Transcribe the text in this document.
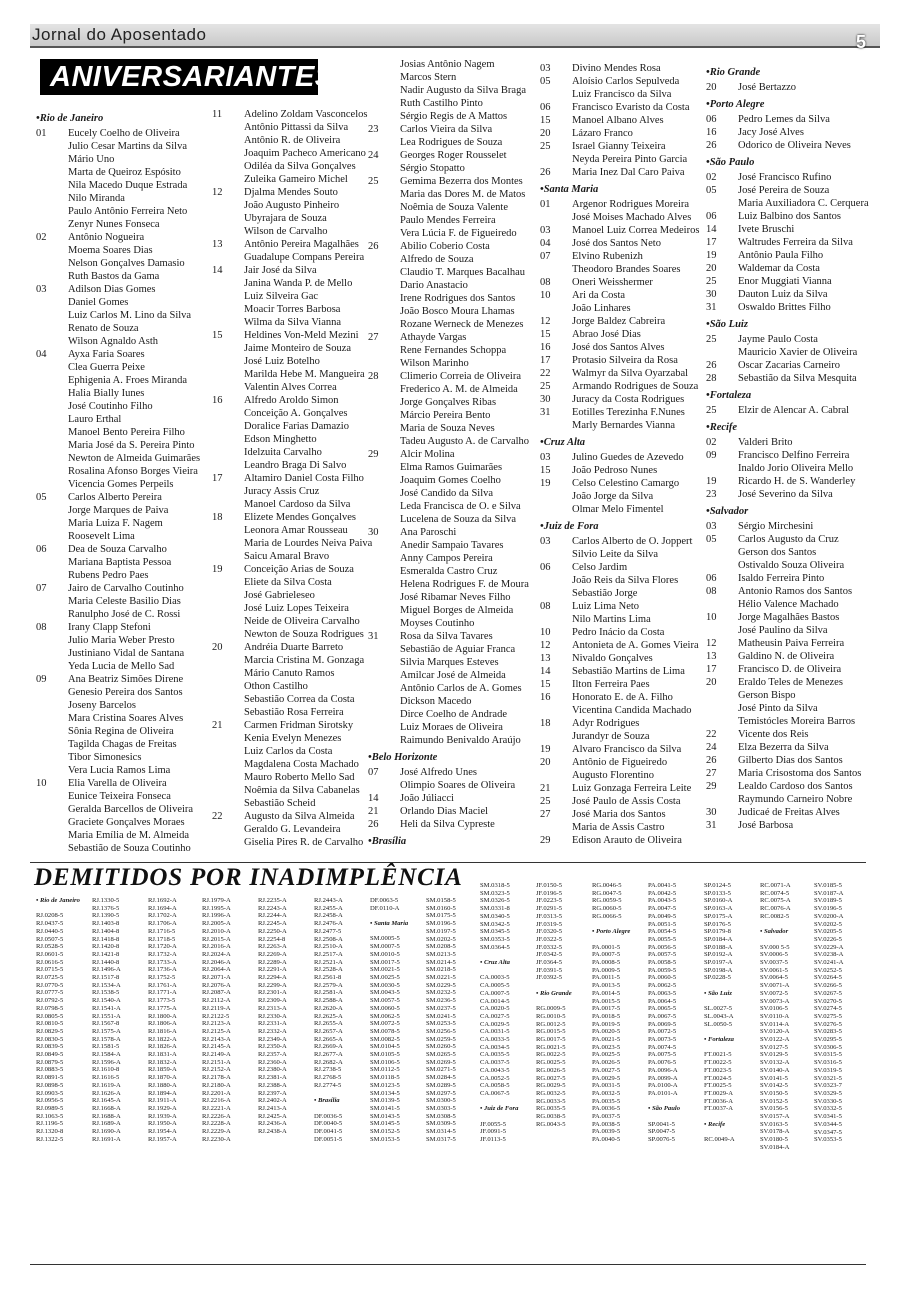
Jornal do Aposentado	5
ANIVERSARIANTES
• Rio de Janeiro
01	Eucely Coelho de Oliveira
Julio Cesar Martins da Silva
Mário Uno
Marta de Queiroz Espósito
Nila Macedo Duque Estrada
Nilo Miranda
Paulo Antônio Ferreira Neto
Zenyr Nunes Fonseca
02	Antônio Nogueira
Moema Soares Dias
Nelson Gonçalves Damasio
Ruth Bastos da Gama
03	Adilson Dias Gomes
Daniel Gomes
Luiz Carlos M. Lino da Silva
Renato de Souza
Wilson Agnaldo Asth
04	Ayxa Faria Soares
Clea Guerra Peixe
Ephigenia A. Froes Miranda
Halia Bially Iunes
José Coutinho Filho
Lauro Erthal
Manoel Bento Pereira Filho
Maria José da S. Pereira Pinto
Newton de Almeida Guimarães
Rosalina Afonso Borges Vieira
Vicencia Gomes Perpeils
05	Carlos Alberto Pereira
Jorge Marques de Paiva
Maria Luiza F. Nagem
Roosevelt Lima
06	Dea de Souza Carvalho
Mariana Baptista Pessoa
Rubens Pedro Paes
07	Jairo de Carvalho Coutinho
Maria Celeste Basilio Dias
Ranulpho José de C. Rossi
08	Irany Clapp Stefoni
Julio Maria Weber Presto
Justiniano Vidal de Santana
Yeda Lucia de Mello Sad
09	Ana Beatriz Simões Direne
Genesio Pereira dos Santos
Joseny Barcelos
Mara Cristina Soares Alves
Sônia Regina de Oliveira
Tagilda Chagas de Freitas
Tibor Simonesics
Vera Lucia Ramos Lima
10	Elia Varella de Oliveira
Eunice Teixeira Fonseca
Geralda Barcellos de Oliveira
Graciete Gonçalves Moraes
Maria Emília de M. Almeida
Sebastião de Souza Coutinho
11	Adelino Zoldam Vasconcelos
Antônio Pittassi da Silva
Antônio R. de Oliveira
Joaquim Pacheco Americano
Odiléa da Silva Gonçalves
Zuleika Gameiro Michel
12	Djalma Mendes Souto
João Augusto Pinheiro
Ubyrajara de Souza
Wilson de Carvalho
13	Antônio Pereira Magalhães
Guadalupe Compans Pereira
14	Jair José da Silva
Janina Wanda P. de Mello
Luiz Silveira Gac
Moacir Torres Barbosa
Wilma da Silva Vianna
15	Heldines Von-Meld Mezini
Jaime Monteiro de Souza
José Luiz Botelho
Marilda Hebe M. Mangueira
Valentin Alves Correa
16	Alfredo Aroldo Simon
Conceição A. Gonçalves
Doralice Farias Damazio
Edson Minghetto
Idelzuita Carvalho
Leandro Braga Di Salvo
17	Altamiro Daniel Costa Filho
Juracy Assis Cruz
Manoel Cardoso da Silva
18	Elizete Mendes Gonçalves
Leonora Amar Rousseau
Maria de Lourdes Neiva Paiva
Saicu Amaral Bravo
19	Conceição Arias de Souza
Eliete da Silva Costa
José Gabrieleseo
José Luiz Lopes Teixeira
Neide de Oliveira Carvalho
Newton de Souza Rodrigues
20	Andréia Duarte Barreto
Marcia Cristina M. Gonzaga
Mário Canuto Ramos
Othon Castilho
Sebastião Correa da Costa
Sebastião Rosa Ferreira
21	Carmen Fridman Sirotsky
Kenia Evelyn Menezes
Luiz Carlos da Costa
Magdalena Costa Machado
Mauro Roberto Mello Sad
Noêmia da Silva Cabanelas
Sebastião Scheid
22	Augusto da Silva Almeida
Geraldo G. Levandeira
Giselia Pires R. de Carvalho
Josias Antônio Nagem
Marcos Stern
Nadir Augusto da Silva Braga
Ruth Castilho Pinto
Sérgio Regis de A Mattos
23	Carlos Vieira da Silva
Lea Rodrigues de Souza
24	Georges Roger Rousselet
Sérgio Stopatto
25	Gemima Bezerra dos Montes
Maria das Dores M. de Matos
Noêmia de Souza Valente
Paulo Mendes Ferreira
Vera Lúcia F. de Figueiredo
26	Abilio Coberio Costa
Alfredo de Souza
Claudio T. Marques Bacalhau
Dario Anastacio
Irene Rodrigues dos Santos
João Bosco Moura Lhamas
Rozane Werneck de Menezes
27	Athayde Vargas
Rene Fernandes Schoppa
Wilson Marinho
28	Climerio Correia de Oliveira
Frederico A. M. de Almeida
Jorge Gonçalves Ribas
Márcio Pereira Bento
Maria de Souza Neves
Tadeu Augusto A. de Carvalho
29	Alcir Molina
Elma Ramos Guimarães
Joaquim Gomes Coelho
José Candido da Silva
Leda Francisca de O. e Silva
Lucelena de Souza da Silva
30	Ana Paroschi
Anedir Sampaio Tavares
Anny Campos Pereira
Esmeralda Castro Cruz
Helena Rodrigues F. de Moura
José Ribamar Neves Filho
Miguel Borges de Almeida
Moyses Coutinho
31	Rosa da Silva Tavares
Sebastião de Aguiar Franca
Silvia Marques Esteves
Amilcar José de Almeida
Antônio Carlos de A. Gomes
Dickson Macedo
Dirce Coelho de Andrade
Luiz Moraes de Oliveira
Raimundo Benivaldo Araújo
• Belo Horizonte
07	José Alfredo Unes
Olimpio Soares de Oliveira
14	João Júliacci
21	Orlando Dias Maciel
26	Heli da Silva Cypreste
• Brasília
03	Divino Mendes Rosa
05	Aloísio Carlos Sepulveda
Luiz Francisco da Silva
06	Francisco Evaristo da Costa
15	Manoel Albano Alves
20	Lázaro Franco
25	Israel Gianny Teixeira
Neyda Pereira Pinto Garcia
26	Maria Inez Dal Caro Paiva
• Santa Maria
01	Argenor Rodrigues Moreira
José Moises Machado Alves
03	Manoel Luiz Correa Medeiros
04	José dos Santos Neto
07	Elvino Rubenizh
Theodoro Brandes Soares
08	Oneri Weisshermer
10	Ari da Costa
João Linhares
12	Jorge Baldez Cabreira
15	Abrao José Dias
16	José dos Santos Alves
17	Protasio Silveira da Rosa
22	Walmyr da Silva Oyarzabal
25	Armando Rodrigues de Souza
30	Juracy da Costa Rodrigues
31	Eotilles Terezinha F.Nunes
Marly Bernardes Vianna
• Cruz Alta
03	Julino Guedes de Azevedo
15	João Pedroso Nunes
19	Celso Celestino Camargo
João Jorge da Silva
Olmar Melo Fimentel
• Juiz de Fora
03	Carlos Alberto de O. Joppert
Silvio Leite da Silva
06	Celso Jardim
João Reis da Silva Flores
Sebastião Jorge
08	Luiz Lima Neto
Nilo Martins Lima
10	Pedro Inácio da Costa
12	Antonieta de A. Gomes Vieira
13	Nivaldo Gonçalves
14	Sebastião Martins de Lima
15	Ilton Ferreira Paes
16	Honorato E. de A. Filho
Vicentina Candida Machado
18	Adyr Rodrigues
Jurandyr de Souza
19	Alvaro Francisco da Silva
20	Antônio de Figueiredo
Augusto Florentino
21	Luiz Gonzaga Ferreira Leite
25	José Paulo de Assis Costa
27	José Maria dos Santos
Maria de Assis Castro
29	Edison Arauto de Oliveira
• Rio Grande
20	José Bertazzo
• Porto Alegre
06	Pedro Lemes da Silva
16	Jacy José Alves
26	Odorico de Oliveira Neves
• São Paulo
02	José Francisco Rufino
05	José Pereira de Souza
Maria Auxiliadora C. Cerquera
06	Luiz Balbino dos Santos
14	Ivete Bruschi
17	Waltrudes Ferreira da Silva
19	Antônio Paula Filho
20	Waldemar da Costa
25	Enor Muggiati Vianna
30	Dauton Luiz da Silva
31	Oswaldo Brittes Filho
• São Luiz
25	Jayme Paulo Costa
Mauricio Xavier de Oliveira
26	Oscar Zacarias Carneiro
28	Sebastião da Silva Mesquita
• Fortaleza
25	Elzir de Alencar A. Cabral
• Recife
02	Valderi Brito
09	Francisco Delfino Ferreira
Inaldo Jorio Oliveira Mello
19	Ricardo H. de S. Wanderley
23	José Severino da Silva
• Salvador
03	Sérgio Mirchesini
05	Carlos Augusto da Cruz
Gerson dos Santos
Ostivaldo Souza Oliveira
06	Isaldo Ferreira Pinto
08	Antonio Ramos dos Santos
Hélio Valence Machado
10	Jorge Magalhães Bastos
José Paulino da Silva
12	Matheusin Paiva Ferreira
13	Galdino N. de Oliveira
17	Francisco D. de Oliveira
20	Eraldo Teles de Menezes
Gerson Bispo
José Pinto da Silva
Temistócles Moreira Barros
22	Vicente dos Reis
24	Elza Bezerra da Silva
26	Gilberto Dias dos Santos
27	Maria Crisostoma dos Santos
29	Lealdo Cardoso dos Santos
Raymundo Carneiro Nobre
30	Judicaé de Freitas Alves
31	José Barbosa
DEMITIDOS POR INADIMPLÊNCIA
• Rio de Janeiro
RJ.0208-5
RJ.0437-5
RJ.0440-5
RJ.0507-5
RJ.0528-5
RJ.0601-5
RJ.0616-5
RJ.0715-5
RJ.0725-5
RJ.0770-5
RJ.0777-5
RJ.0792-5
RJ.0798-5
RJ.0805-5
RJ.0810-5
RJ.0829-5
RJ.0830-5
RJ.0839-5
RJ.0849-5
RJ.0879-5
RJ.0883-5
RJ.0891-5
RJ.0898-5
RJ.0903-5
RJ.0956-5
RJ.0989-5
RJ.1063-5
RJ.1196-5
RJ.1320-8
RJ.1322-5
RJ.1330-5
RJ.1376-5
RJ.1390-5
RJ.1403-8
RJ.1404-8
RJ.1418-8
RJ.1420-8
RJ.1421-8
RJ.1440-8
RJ.1496-A
RJ.1517-8
RJ.1534-A
RJ.1538-5
RJ.1540-A
RJ.1541-A
RJ.1551-A
RJ.1567-8
RJ.1575-A
RJ.1578-A
RJ.1581-5
RJ.1584-A
RJ.1596-A
RJ.1610-8
RJ.1616-5
RJ.1619-A
RJ.1626-A
RJ.1645-A
RJ.1668-A
RJ.1688-A
RJ.1689-A
RJ.1690-A
RJ.1691-A
RJ.1692-A
RJ.1694-A
RJ.1702-A
RJ.1706-A
RJ.1716-5
RJ.1718-5
RJ.1720-A
RJ.1732-A
RJ.1733-A
RJ.1736-A
RJ.1752-5
RJ.1761-A
RJ.1771-A
RJ.1773-5
RJ.1775-A
RJ.1800-A
RJ.1806-A
RJ.1816-A
RJ.1822-A
RJ.1826-A
RJ.1831-A
RJ.1832-A
RJ.1859-A
RJ.1870-A
RJ.1880-A
RJ.1894-A
RJ.1911-A
RJ.1929-A
RJ.1939-A
RJ.1950-A
RJ.1954-A
RJ.1957-A
RJ.1979-A
RJ.1995-A
RJ.1996-A
RJ.2005-A
RJ.2010-A
RJ.2015-A
RJ.2016-A
RJ.2024-A
RJ.2046-A
RJ.2064-A
RJ.2071-A
RJ.2076-A
RJ.2087-A
RJ.2112-A
RJ.2119-A
RJ.2122-5
RJ.2123-A
RJ.2125-A
RJ.2143-A
RJ.2145-A
RJ.2149-A
RJ.2151-A
RJ.2152-A
RJ.2178-A
RJ.2180-A
RJ.2201-A
RJ.2216-A
RJ.2221-A
RJ.2226-A
RJ.2228-A
RJ.2229-A
RJ.2230-A
RJ.2235-A
RJ.2243-A
RJ.2244-A
RJ.2245-A
RJ.2250-A
RJ.2254-8
RJ.2263-A
RJ.2269-A
RJ.2289-A
RJ.2291-A
RJ.2294-A
RJ.2299-A
RJ.2301-A
RJ.2309-A
RJ.2313-A
RJ.2330-A
RJ.2331-A
RJ.2332-A
RJ.2349-A
RJ.2350-A
RJ.2357-A
RJ.2360-A
RJ.2380-A
RJ.2381-A
RJ.2388-A
RJ.2397-A
RJ.2402-A
RJ.2413-A
RJ.2425-A
RJ.2436-A
RJ.2438-A
RJ.2443-A
RJ.2455-A
RJ.2458-A
RJ.2476-A
RJ.2477-5
RJ.2508-A
RJ.2510-A
RJ.2517-A
RJ.2521-A
RJ.2528-A
RJ.2561-8
RJ.2579-A
RJ.2581-A
RJ.2588-A
RJ.2620-A
RJ.2625-A
RJ.2655-A
RJ.2657-A
RJ.2665-A
RJ.2669-A
RJ.2677-A
RJ.2682-A
RJ.2738-5
RJ.2768-5
RJ.2774-5
• Brasília
DF.0036-5
DF.0040-5
DF.0041-5
DF.0051-5
DF.0063-5
DF.0110-A
• Santa Maria
SM.0005-5
SM.0007-5
SM.0010-5
SM.0017-5
SM.0021-5
SM.0025-5
SM.0030-5
SM.0043-5
SM.0057-5
SM.0060-5
SM.0062-5
SM.0072-5
SM.0078-5
SM.0082-5
SM.0104-5
SM.0105-5
SM.0106-5
SM.0112-5
SM.0118-5
SM.0123-5
SM.0134-5
SM.0139-5
SM.0141-5
SM.0143-5
SM.0145-5
SM.0152-5
SM.0153-5
SM.0158-5
SM.0160-5
SM.0175-5
SM.0196-5
SM.0197-5
SM.0202-5
SM.0208-5
SM.0213-5
SM.0214-5
SM.0218-5
SM.0221-5
SM.0229-5
SM.0232-5
SM.0236-5
SM.0237-5
SM.0241-5
SM.0253-5
SM.0256-5
SM.0259-5
SM.0260-5
SM.0265-5
SM.0269-5
SM.0271-5
SM.0284-5
SM.0289-5
SM.0297-5
SM.0300-5
SM.0303-5
SM.0308-5
SM.0309-5
SM.0314-5
SM.0317-5
SM.0318-5
SM.0323-5
SM.0326-5
SM.0331-8
SM.0340-5
SM.0342-5
SM.0345-5
SM.0353-5
SM.0364-5
• Cruz Alta
CA.0003-5
CA.0005-5
CA.0007-5
CA.0014-5
CA.0020-5
CA.0027-5
CA.0029-5
CA.0031-5
CA.0033-5
CA.0034-5
CA.0035-5
CA.0037-5
CA.0043-5
CA.0052-5
CA.0058-5
CA.0067-5
• Juiz de Fora
JF.0055-5
JF.0091-5
JF.0113-5
JF.0150-5
JF.0196-5
JF.0223-5
JF.0291-5
JF.0313-5
JF.0319-5
JF.0320-5
JF.0322-5
JF.0332-5
JF.0342-5
JF.0364-5
JF.0391-5
JF.0392-5
• Rio Grande
RG.0009-5
RG.0010-5
RG.0012-5
RG.0015-5
RG.0017-5
RG.0021-5
RG.0022-5
RG.0025-5
RG.0026-5
RG.0027-5
RG.0029-5
RG.0032-5
RG.0033-5
RG.0035-5
RG.0038-5
RG.0043-5
RG.0046-5
RG.0047-5
RG.0059-5
RG.0060-5
RG.0066-5
• Porto Alegre
PA.0001-5
PA.0007-5
PA.0008-5
PA.0009-5
PA.0011-5
PA.0013-5
PA.0014-5
PA.0015-5
PA.0017-5
PA.0018-5
PA.0019-5
PA.0020-5
PA.0021-5
PA.0023-5
PA.0025-5
PA.0026-5
PA.0027-5
PA.0029-5
PA.0031-5
PA.0032-5
PA.0035-5
PA.0036-5
PA.0037-5
PA.0038-5
PA.0039-5
PA.0040-5
PA.0041-5
PA.0042-5
PA.0043-5
PA.0047-5
PA.0049-5
PA.0051-5
PA.0054-5
PA.0055-5
PA.0056-5
PA.0057-5
PA.0058-5
PA.0059-5
PA.0060-5
PA.0062-5
PA.0063-5
PA.0064-5
PA.0065-5
PA.0067-5
PA.0069-5
PA.0072-5
PA.0073-5
PA.0074-5
PA.0075-5
PA.0076-5
PA.0096-A
PA.0099-A
PA.0100-A
PA.0101-A
• São Paulo
SP.0041-5
SP.0047-5
SP.0076-5
SP.0124-5
SP.0133-5
SP.0160-A
SP.0163-A
SP.0175-A
SP.0176-5
SP.0179-8
SP.0184-A
SP.0188-A
SP.0192-A
SP.0197-A
SP.0198-A
SP.0228-5
• São Luiz
SL.0027-5
SL.0043-A
SL.0050-5
• Fortaleza
FT.0021-5
FT.0022-5
FT.0023-5
FT.0024-5
FT.0025-5
FT.0029-A
FT.0036-A
FT.0037-A
• Recife
RC.0049-A
RC.0071-A
RC.0074-5
RC.0075-A
RC.0076-A
RC.0082-5
• Salvador
SV.000 5-5
SV.0006-5
SV.0037-5
SV.0061-5
SV.0064-5
SV.0071-A
SV.0072-5
SV.0073-A
SV.0106-5
SV.0110-A
SV.0114-A
SV.0120-A
SV.0122-A
SV.0127-5
SV.0129-5
SV.0132-A
SV.0140-A
SV.0141-5
SV.0142-5
SV.0150-5
SV.0152-5
SV.0156-5
SV.0157-A
SV.0163-5
SV.0178-A
SV.0180-5
SV.0184-A
SV.0185-5
SV.0187-A
SV.0189-5
SV.0196-5
SV.0200-A
SV.0202-5
SV.0205-5
SV.0226-5
SV.0229-A
SV.0238-A
SV.0241-A
SV.0252-5
SV.0264-5
SV.0266-5
SV.0267-5
SV.0270-5
SV.0274-5
SV.0275-5
SV.0276-5
SV.0283-5
SV.0295-5
SV.0306-5
SV.0315-5
SV.0316-5
SV.0319-5
SV.0321-5
SV.0323-7
SV.0329-5
SV.0330-5
SV.0332-5
SV.0341-5
SV.0344-5
SV.0347-5
SV.0353-5
